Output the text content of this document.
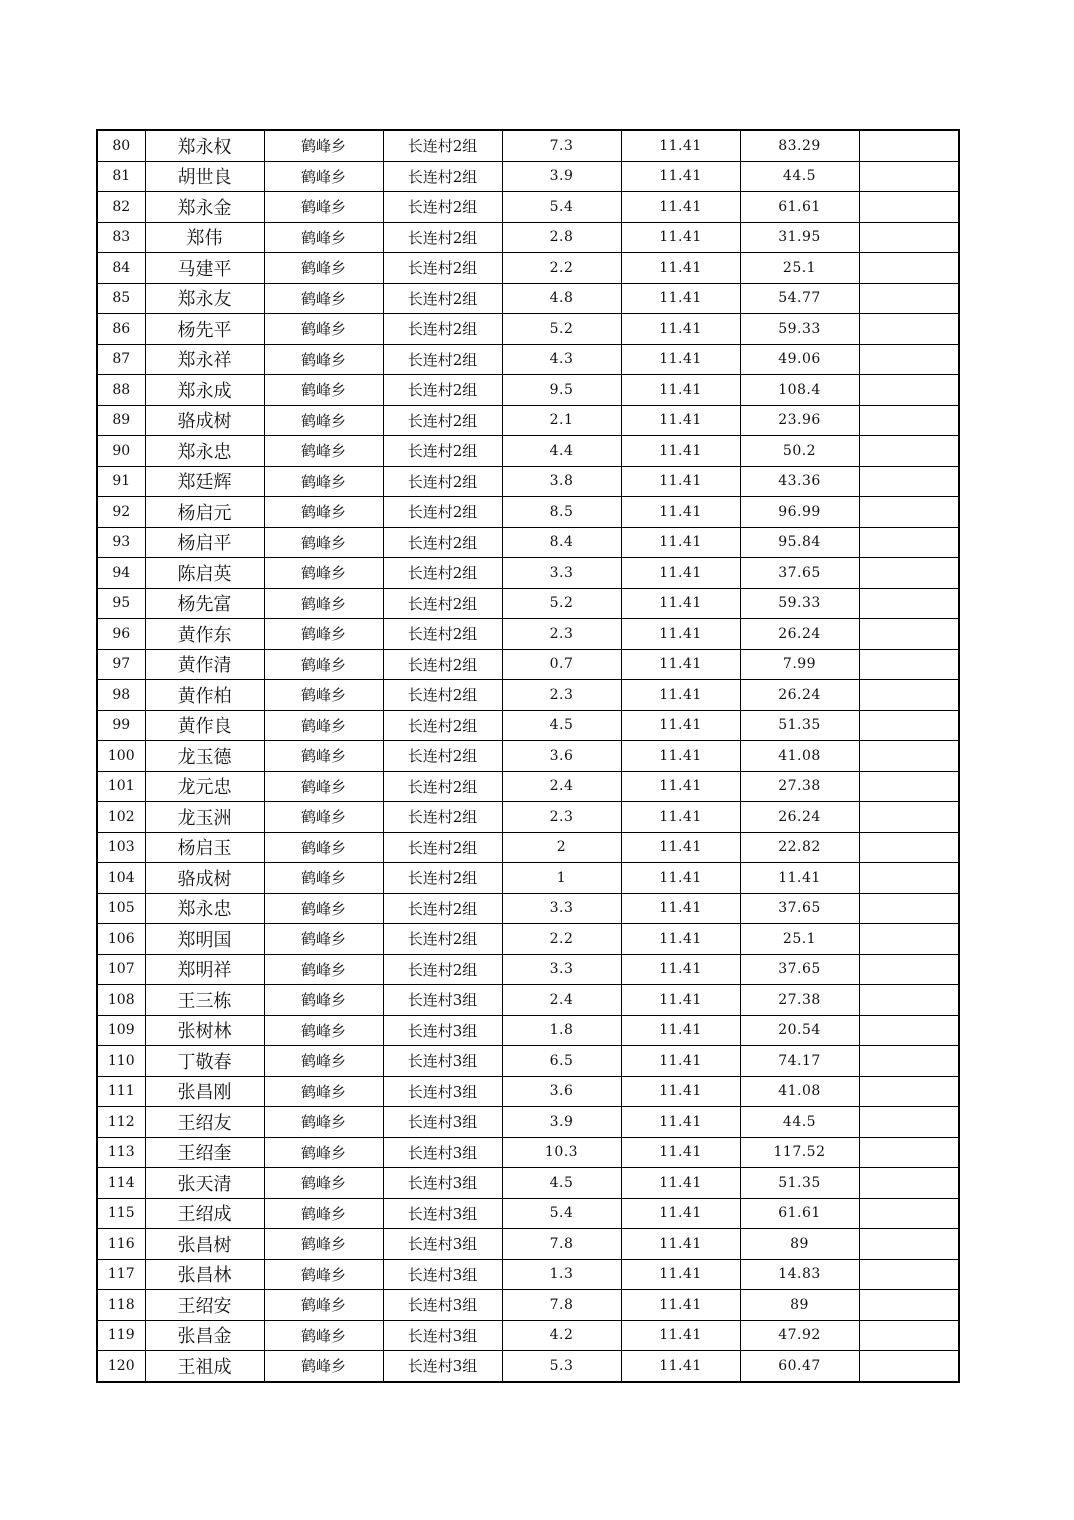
80	郑永权	鹤峰乡	长连村2组	7.3	11.41	83.29	
81	胡世良	鹤峰乡	长连村2组	3.9	11.41	44.5	
82	郑永金	鹤峰乡	长连村2组	5.4	11.41	61.61	
83	郑伟	鹤峰乡	长连村2组	2.8	11.41	31.95	
84	马建平	鹤峰乡	长连村2组	2.2	11.41	25.1	
85	郑永友	鹤峰乡	长连村2组	4.8	11.41	54.77	
86	杨先平	鹤峰乡	长连村2组	5.2	11.41	59.33	
87	郑永祥	鹤峰乡	长连村2组	4.3	11.41	49.06	
88	郑永成	鹤峰乡	长连村2组	9.5	11.41	108.4	
89	骆成树	鹤峰乡	长连村2组	2.1	11.41	23.96	
90	郑永忠	鹤峰乡	长连村2组	4.4	11.41	50.2	
91	郑廷辉	鹤峰乡	长连村2组	3.8	11.41	43.36	
92	杨启元	鹤峰乡	长连村2组	8.5	11.41	96.99	
93	杨启平	鹤峰乡	长连村2组	8.4	11.41	95.84	
94	陈启英	鹤峰乡	长连村2组	3.3	11.41	37.65	
95	杨先富	鹤峰乡	长连村2组	5.2	11.41	59.33	
96	黄作东	鹤峰乡	长连村2组	2.3	11.41	26.24	
97	黄作清	鹤峰乡	长连村2组	0.7	11.41	7.99	
98	黄作柏	鹤峰乡	长连村2组	2.3	11.41	26.24	
99	黄作良	鹤峰乡	长连村2组	4.5	11.41	51.35	
100	龙玉德	鹤峰乡	长连村2组	3.6	11.41	41.08	
101	龙元忠	鹤峰乡	长连村2组	2.4	11.41	27.38	
102	龙玉洲	鹤峰乡	长连村2组	2.3	11.41	26.24	
103	杨启玉	鹤峰乡	长连村2组	2	11.41	22.82	
104	骆成树	鹤峰乡	长连村2组	1	11.41	11.41	
105	郑永忠	鹤峰乡	长连村2组	3.3	11.41	37.65	
106	郑明国	鹤峰乡	长连村2组	2.2	11.41	25.1	
107	郑明祥	鹤峰乡	长连村2组	3.3	11.41	37.65	
108	王三栋	鹤峰乡	长连村3组	2.4	11.41	27.38	
109	张树林	鹤峰乡	长连村3组	1.8	11.41	20.54	
110	丁敬春	鹤峰乡	长连村3组	6.5	11.41	74.17	
111	张昌刚	鹤峰乡	长连村3组	3.6	11.41	41.08	
112	王绍友	鹤峰乡	长连村3组	3.9	11.41	44.5	
113	王绍奎	鹤峰乡	长连村3组	10.3	11.41	117.52	
114	张天清	鹤峰乡	长连村3组	4.5	11.41	51.35	
115	王绍成	鹤峰乡	长连村3组	5.4	11.41	61.61	
116	张昌树	鹤峰乡	长连村3组	7.8	11.41	89	
117	张昌林	鹤峰乡	长连村3组	1.3	11.41	14.83	
118	王绍安	鹤峰乡	长连村3组	7.8	11.41	89	
119	张昌金	鹤峰乡	长连村3组	4.2	11.41	47.92	
120	王祖成	鹤峰乡	长连村3组	5.3	11.41	60.47	
